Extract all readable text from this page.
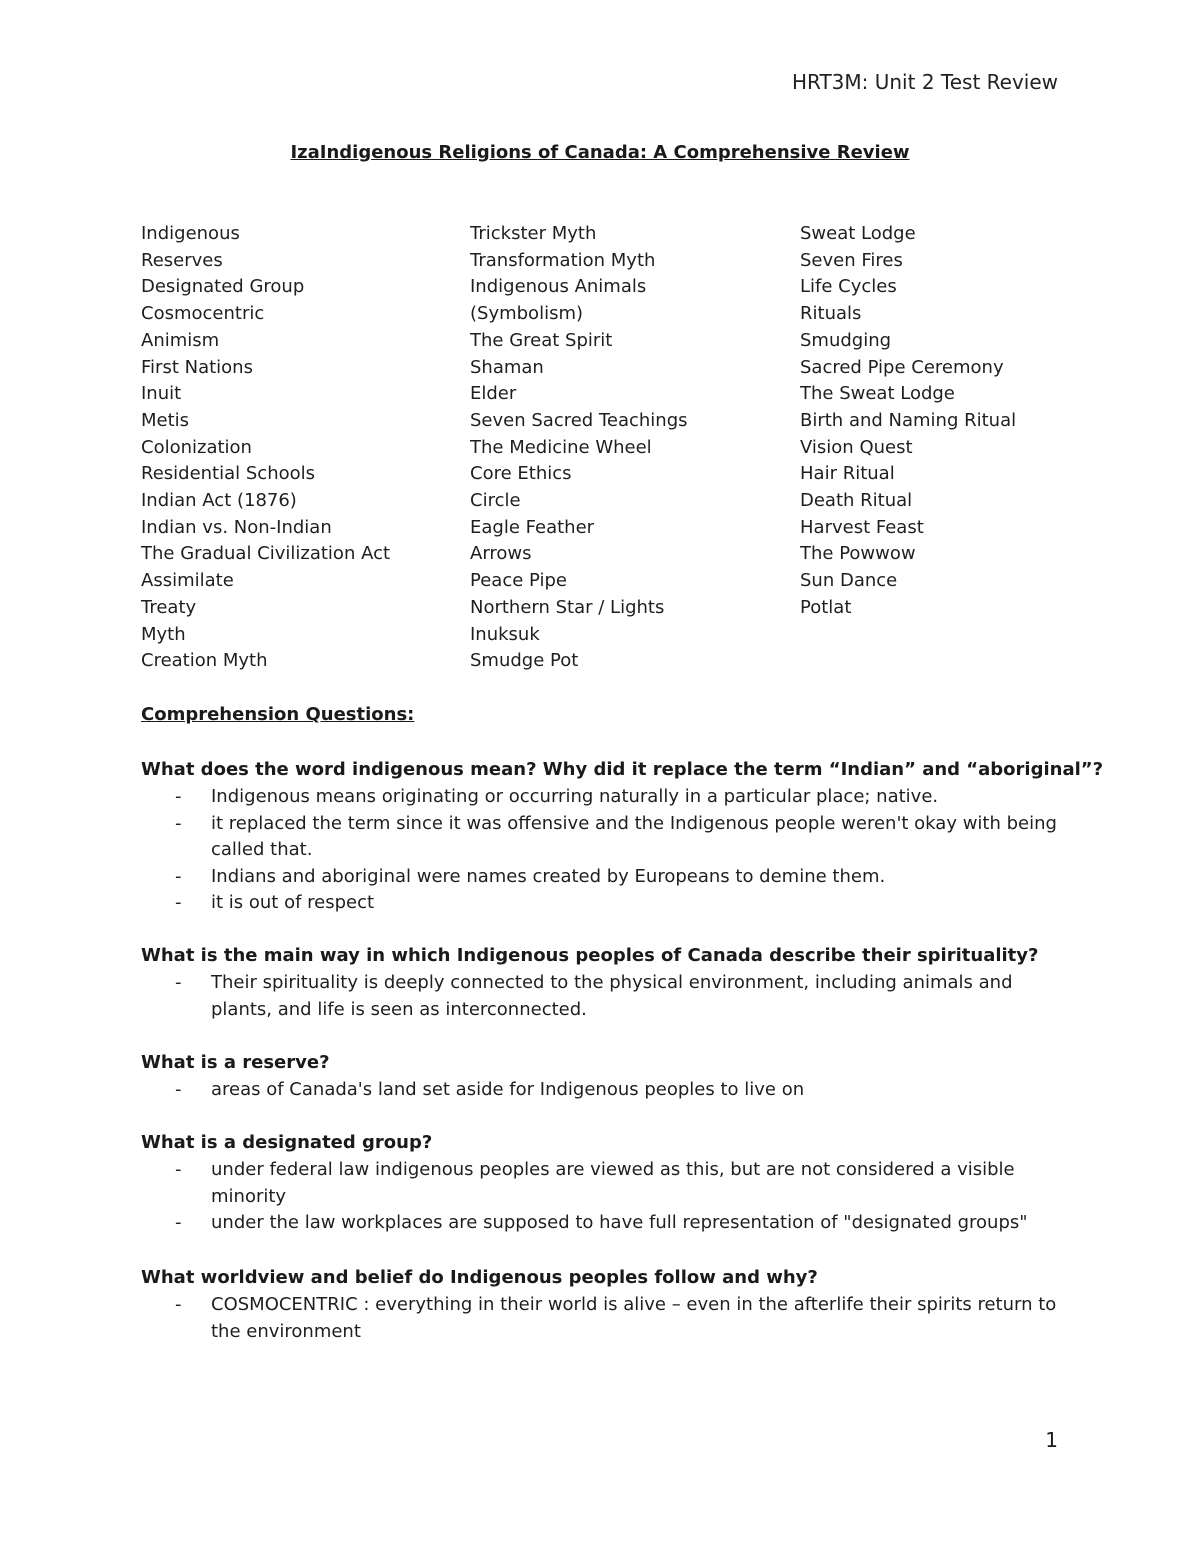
HRT3M: Unit 2 Test Review
IzaIndigenous Religions of Canada: A Comprehensive Review
Indigenous
Reserves
Designated Group
Cosmocentric
Animism
First Nations
Inuit
Metis
Colonization
Residential Schools
Indian Act (1876)
Indian vs. Non-Indian
The Gradual Civilization Act
Assimilate
Treaty
Myth
Creation Myth
Trickster Myth
Transformation Myth
Indigenous Animals
(Symbolism)
The Great Spirit
Shaman
Elder
Seven Sacred Teachings
The Medicine Wheel
Core Ethics
Circle
Eagle Feather
Arrows
Peace Pipe
Northern Star / Lights
Inuksuk
Smudge Pot
Sweat Lodge
Seven Fires
Life Cycles
Rituals
Smudging
Sacred Pipe Ceremony
The Sweat Lodge
Birth and Naming Ritual
Vision Quest
Hair Ritual
Death Ritual
Harvest Feast
The Powwow
Sun Dance
Potlat
Comprehension Questions:
What does the word indigenous mean? Why did it replace the term “Indian” and “aboriginal”?
- Indigenous means originating or occurring naturally in a particular place; native.
- it replaced the term since it was offensive and the Indigenous people weren't okay with being called that.
- Indians and aboriginal were names created by Europeans to demine them.
- it is out of respect
What is the main way in which Indigenous peoples of Canada describe their spirituality?
- Their spirituality is deeply connected to the physical environment, including animals and plants, and life is seen as interconnected.
What is a reserve?
- areas of Canada's land set aside for Indigenous peoples to live on
What is a designated group?
- under federal law indigenous peoples are viewed as this, but are not considered a visible minority
- under the law workplaces are supposed to have full representation of "designated groups"
What worldview and belief do Indigenous peoples follow and why?
- COSMOCENTRIC : everything in their world is alive – even in the afterlife their spirits return to the environment
1
